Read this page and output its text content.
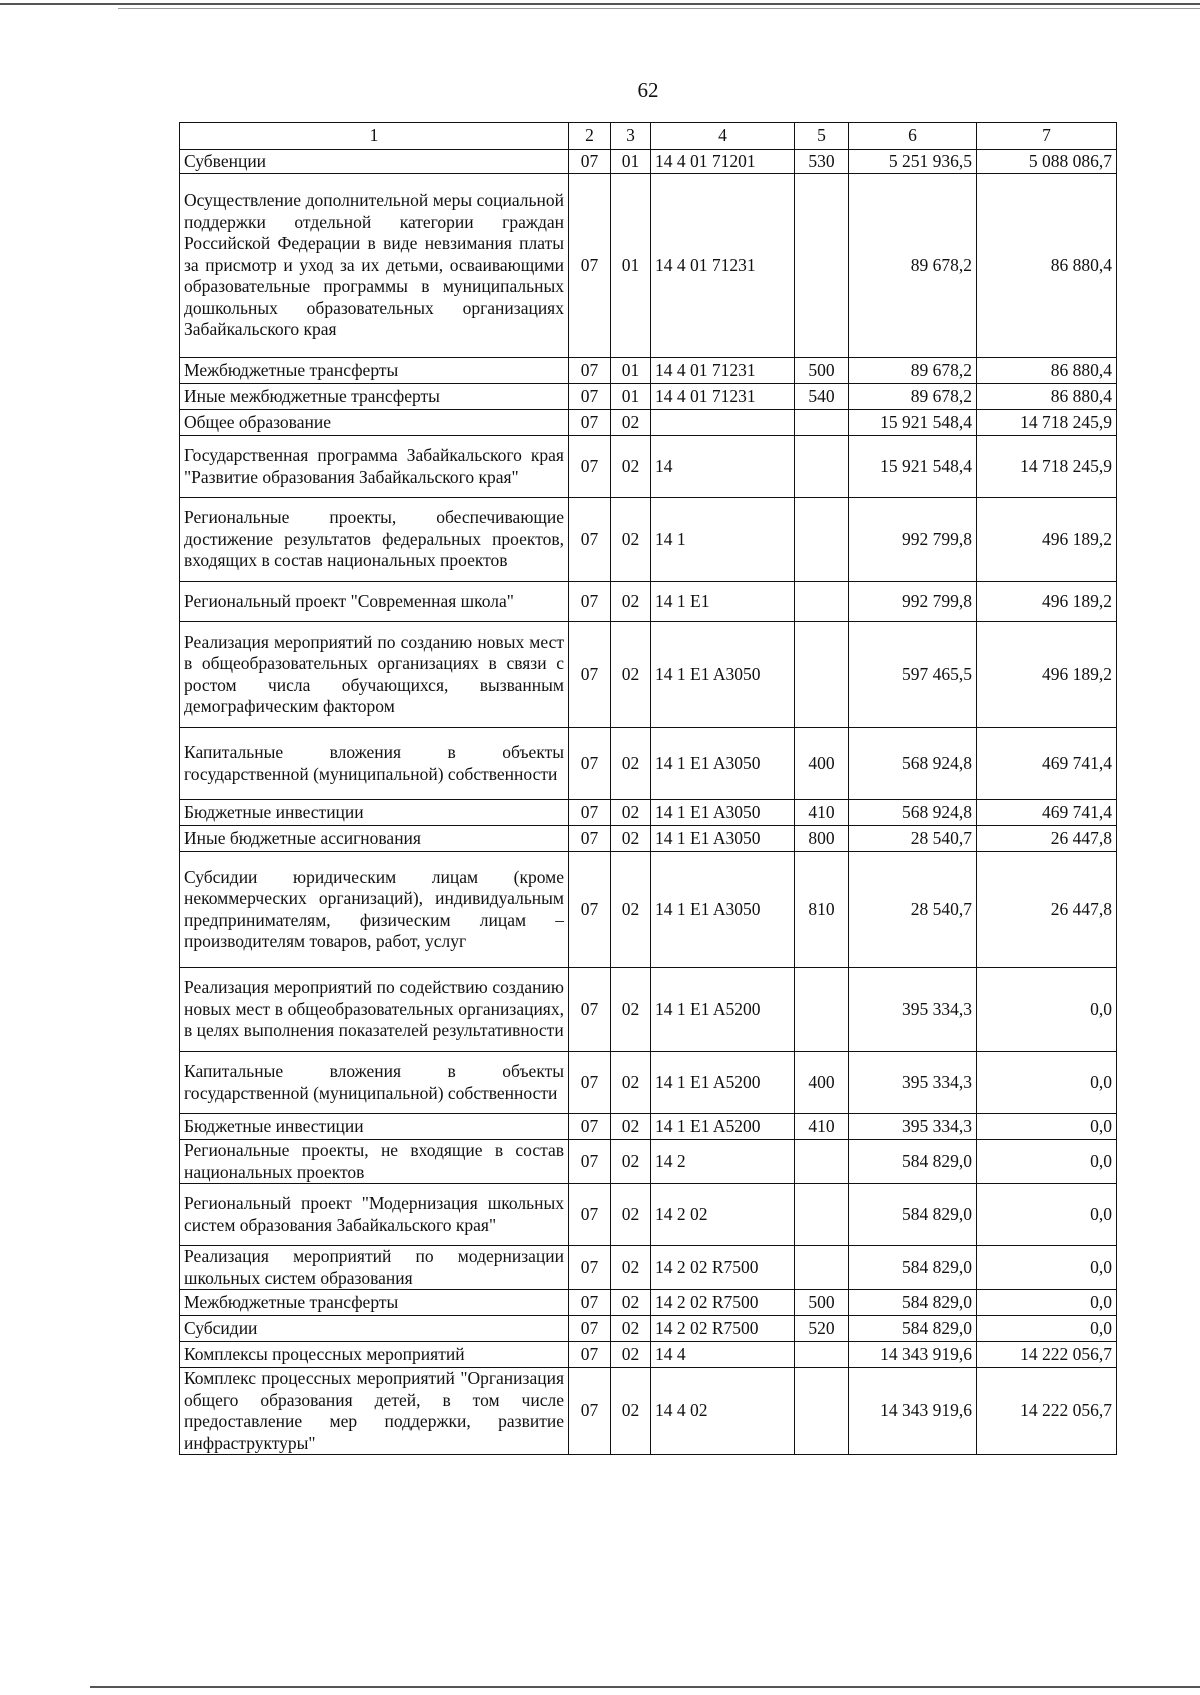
62
1	2	3	4	5	6	7
Субвенции	07	01	14 4 01 71201	530	5 251 936,5	5 088 086,7
Осуществление дополнительной меры социальной поддержки отдельной категории граждан Российской Федерации в виде невзимания платы за присмотр и уход за их детьми, осваивающими образовательные программы в муниципальных дошкольных образовательных организациях Забайкальского края	07	01	14 4 01 71231		89 678,2	86 880,4
Межбюджетные трансферты	07	01	14 4 01 71231	500	89 678,2	86 880,4
Иные межбюджетные трансферты	07	01	14 4 01 71231	540	89 678,2	86 880,4
Общее образование	07	02			15 921 548,4	14 718 245,9
Государственная программа Забайкальского края "Развитие образования Забайкальского края"	07	02	14		15 921 548,4	14 718 245,9
Региональные проекты, обеспечивающие достижение результатов федеральных проектов, входящих в состав национальных проектов	07	02	14 1		992 799,8	496 189,2
Региональный проект "Современная школа"	07	02	14 1 E1		992 799,8	496 189,2
Реализация мероприятий по созданию новых мест в общеобразовательных организациях в связи с ростом числа обучающихся, вызванным демографическим фактором	07	02	14 1 E1 A3050		597 465,5	496 189,2
Капитальные вложения в объекты государственной (муниципальной) собственности	07	02	14 1 E1 A3050	400	568 924,8	469 741,4
Бюджетные инвестиции	07	02	14 1 E1 A3050	410	568 924,8	469 741,4
Иные бюджетные ассигнования	07	02	14 1 E1 A3050	800	28 540,7	26 447,8
Субсидии юридическим лицам (кроме некоммерческих организаций), индивидуальным предпринимателям, физическим лицам – производителям товаров, работ, услуг	07	02	14 1 E1 A3050	810	28 540,7	26 447,8
Реализация мероприятий по содействию созданию новых мест в общеобразовательных организациях, в целях выполнения показателей результативности	07	02	14 1 E1 A5200		395 334,3	0,0
Капитальные вложения в объекты государственной (муниципальной) собственности	07	02	14 1 E1 A5200	400	395 334,3	0,0
Бюджетные инвестиции	07	02	14 1 E1 A5200	410	395 334,3	0,0
Региональные проекты, не входящие в состав национальных проектов	07	02	14 2		584 829,0	0,0
Региональный проект "Модернизация школьных систем образования Забайкальского края"	07	02	14 2 02		584 829,0	0,0
Реализация мероприятий по модернизации школьных систем образования	07	02	14 2 02 R7500		584 829,0	0,0
Межбюджетные трансферты	07	02	14 2 02 R7500	500	584 829,0	0,0
Субсидии	07	02	14 2 02 R7500	520	584 829,0	0,0
Комплексы процессных мероприятий	07	02	14 4		14 343 919,6	14 222 056,7
Комплекс процессных мероприятий "Организация общего образования детей, в том числе предоставление мер поддержки, развитие инфраструктуры"	07	02	14 4 02		14 343 919,6	14 222 056,7
